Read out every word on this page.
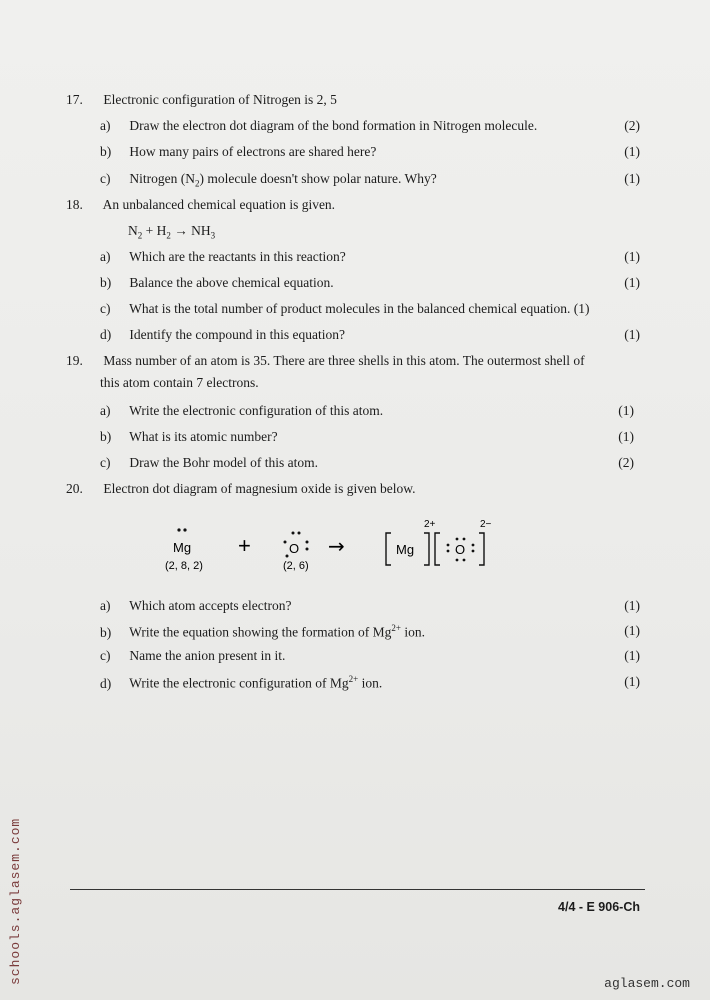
17. Electronic configuration of Nitrogen is 2, 5
a) Draw the electron dot diagram of the bond formation in Nitrogen molecule.	(2)
b) How many pairs of electrons are shared here?	(1)
c) Nitrogen $(N_2)$ molecule doesn't show polar nature. Why?	(1)
18. An unbalanced chemical equation is given.
$N_2 + H_2 \to NH_3$
a) Which are the reactants in this reaction?	(1)
b) Balance the above chemical equation.	(1)
c) What is the total number of product molecules in the balanced chemical equation. (1)
d) Identify the compound in this equation?	(1)
19. Mass number of an atom is 35. There are three shells in this atom. The outermost shell of
this atom contain 7 electrons.
a) Write the electronic configuration of this atom.	(1)
b) What is its atomic number?	(1)
c) Draw the Bohr model of this atom.	(2)
20. Electron dot diagram of magnesium oxide is given below.
Mg
(2, 8, 2)
+	O
(2, 6)
→	Mg
2+
O
2−
a) Which atom accepts electron?	(1)
b) Write the equation showing the formation of $Mg^{2+}$ ion.	(1)
c) Name the anion present in it.	(1)
d) Write the electronic configuration of $Mg^{2+}$ ion.	(1)
4/4 - E 906-Ch
schools.aglasem.com	aglasem.com
